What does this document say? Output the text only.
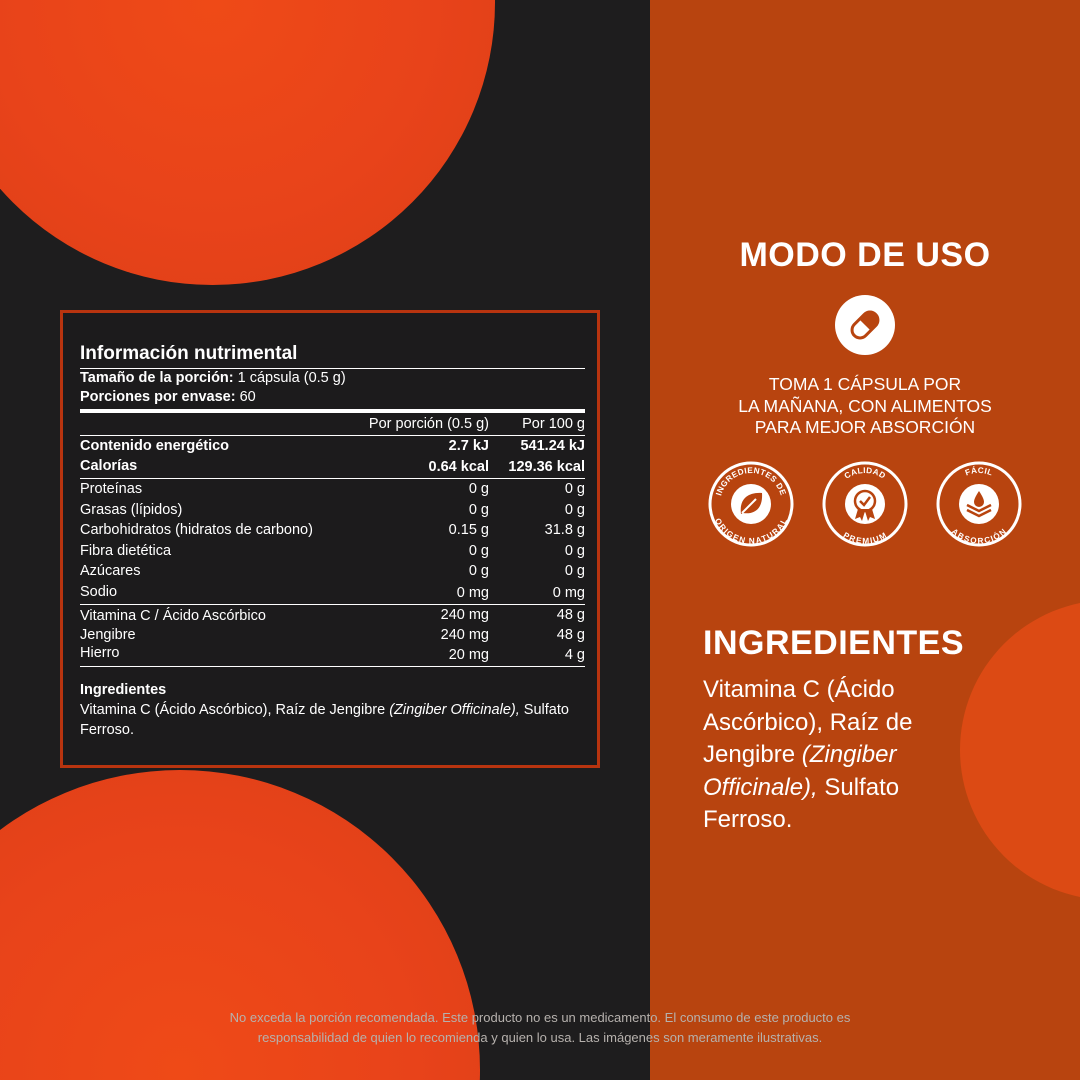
Información nutrimental
Tamaño de la porción: 1 cápsula (0.5 g)
Porciones por envase: 60
	Por porción (0.5 g)	Por 100 g
Contenido energético	2.7 kJ	541.24 kJ
Calorías	0.64 kcal	129.36 kcal
Proteínas	0 g	0 g
Grasas (lípidos)	0 g	0 g
Carbohidratos (hidratos de carbono)	0.15 g	31.8 g
Fibra dietética	0 g	0 g
Azúcares	0 g	0 g
Sodio	0 mg	0 mg
Vitamina C / Ácido Ascórbico	240 mg	48 g
Jengibre	240 mg	48 g
Hierro	20 mg	4 g
Ingredientes
Vitamina C (Ácido Ascórbico), Raíz de Jengibre (Zingiber Officinale), Sulfato Ferroso.
MODO DE USO
TOMA 1 CÁPSULA POR
LA MAÑANA, CON ALIMENTOS
PARA MEJOR ABSORCIÓN
INGREDIENTES DE
ORIGEN NATURAL
CALIDAD
PREMIUM
FÁCIL
ABSORCIÓN
INGREDIENTES
Vitamina C (Ácido Ascórbico), Raíz de Jengibre (Zingiber Officinale), Sulfato Ferroso.
No exceda la porción recomendada. Este producto no es un medicamento. El consumo de este producto es
responsabilidad de quien lo recomienda y quien lo usa. Las imágenes son meramente ilustrativas.
